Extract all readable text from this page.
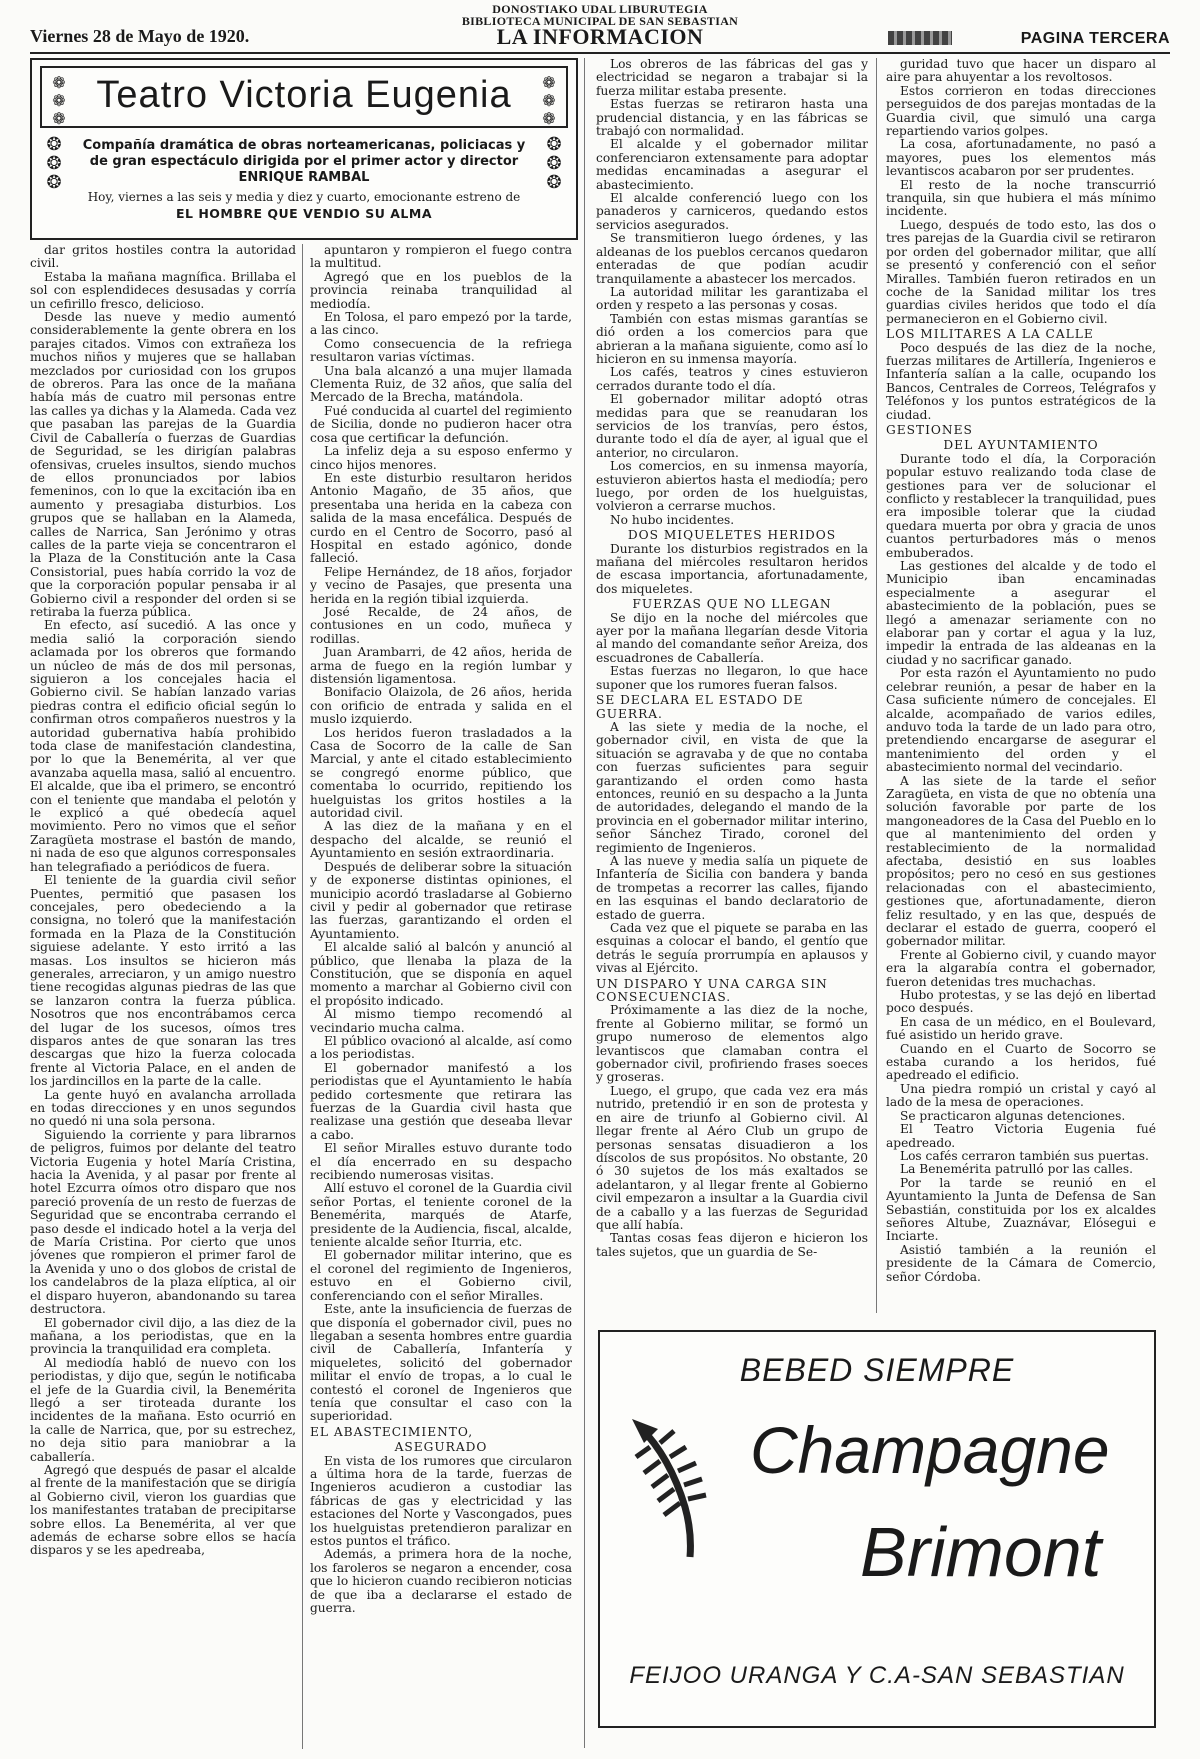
DONOSTIAKO UDAL LIBURUTEGIA
BIBLIOTECA MUNICIPAL DE SAN SEBASTIAN
Viernes 28 de Mayo de 1920.	LA INFORMACION	PAGINA TERCERA
❁
❁
❁
Teatro Victoria Eugenia	❁
❁
❁
❂
❂
❂
❂
❂
❂
Compañía dramática de obras norteamericanas, policiacas y de gran espectáculo dirigida por el primer actor y director
ENRIQUE RAMBAL
Hoy, viernes a las seis y media y diez y cuarto, emocionante estreno de
EL HOMBRE QUE VENDIO SU ALMA

dar gritos hostiles contra la autoridad civil.

Estaba la mañana magnífica. Brillaba el sol con esplendideces desusadas y corría un cefirillo fresco, delicioso.

Desde las nueve y medio aumentó considerablemente la gente obrera en los parajes citados. Vimos con extrañeza los muchos niños y mujeres que se hallaban mezclados por curiosidad con los grupos de obreros. Para las once de la mañana había más de cuatro mil personas entre las calles ya dichas y la Alameda. Cada vez que pasaban las parejas de la Guardia Civil de Caballería o fuerzas de Guardias de Seguridad, se les dirigían palabras ofensivas, crueles insultos, siendo muchos de ellos pronunciados por labios femeninos, con lo que la excitación iba en aumento y presagiaba disturbios. Los grupos que se hallaban en la Alameda, calles de Narrica, San Jerónimo y otras calles de la parte vieja se concentraron el la Plaza de la Constitución ante la Casa Consistorial, pues había corrido la voz de que la corporación popular pensaba ir al Gobierno civil a responder del orden si se retiraba la fuerza pública.

En efecto, así sucedió. A las once y media salió la corporación siendo aclamada por los obreros que formando un núcleo de más de dos mil personas, siguieron a los concejales hacia el Gobierno civil. Se habían lanzado varias piedras contra el edificio oficial según lo confirman otros compañeros nuestros y la autoridad gubernativa había prohibido toda clase de manifestación clandestina, por lo que la Benemérita, al ver que avanzaba aquella masa, salió al encuentro. El alcalde, que iba el primero, se encontró con el teniente que mandaba el pelotón y le explicó a qué obedecía aquel movimiento. Pero no vimos que el señor Zaragüeta mostrase el bastón de mando, ni nada de eso que algunos corresponsales han telegrafiado a periódicos de fuera.

El teniente de la guardia civil señor Puentes, permitió que pasasen los concejales, pero obedeciendo a la consigna, no toleró que la manifestación formada en la Plaza de la Constitución siguiese adelante. Y esto irritó a las masas. Los insultos se hicieron más generales, arreciaron, y un amigo nuestro tiene recogidas algunas piedras de las que se lanzaron contra la fuerza pública. Nosotros que nos encontrábamos cerca del lugar de los sucesos, oímos tres disparos antes de que sonaran las tres descargas que hizo la fuerza colocada frente al Victoria Palace, en el anden de los jardincillos en la parte de la calle.

La gente huyó en avalancha arrollada en todas direcciones y en unos segundos no quedó ni una sola persona.

Siguiendo la corriente y para librarnos de peligros, fuimos por delante del teatro Victoria Eugenia y hotel María Cristina, hacia la Avenida, y al pasar por frente al hotel Ezcurra oímos otro disparo que nos pareció provenía de un resto de fuerzas de Seguridad que se encontraba cerrando el paso desde el indicado hotel a la verja del de María Cristina. Por cierto que unos jóvenes que rompieron el primer farol de la Avenida y uno o dos globos de cristal de los candelabros de la plaza elíptica, al oir el disparo huyeron, abandonando su tarea destructora.

El gobernador civil dijo, a las diez de la mañana, a los periodistas, que en la provincia la tranquilidad era completa.

Al mediodía habló de nuevo con los periodistas, y dijo que, según le notificaba el jefe de la Guardia civil, la Benemérita llegó a ser tiroteada durante los incidentes de la mañana. Esto ocurrió en la calle de Narrica, que, por su estrechez, no deja sitio para maniobrar a la caballería.

Agregó que después de pasar el alcalde al frente de la manifestación que se dirigía al Gobierno civil, vieron los guardias que los manifestantes trataban de precipitarse sobre ellos. La Benemérita, al ver que además de echarse sobre ellos se hacía disparos y se les apedreaba,

apuntaron y rompieron el fuego contra la multitud.

Agregó que en los pueblos de la provincia reinaba tranquilidad al mediodía.

En Tolosa, el paro empezó por la tarde, a las cinco.

Como consecuencia de la refriega resultaron varias víctimas.

Una bala alcanzó a una mujer llamada Clementa Ruiz, de 32 años, que salía del Mercado de la Brecha, matándola.

Fué conducida al cuartel del regimiento de Sicilia, donde no pudieron hacer otra cosa que certificar la defunción.

La infeliz deja a su esposo enfermo y cinco hijos menores.

En este disturbio resultaron heridos Antonio Magaño, de 35 años, que presentaba una herida en la cabeza con salida de la masa encefálica. Después de curdo en el Centro de Socorro, pasó al Hospital en estado agónico, donde falleció.

Felipe Hernández, de 18 años, forjador y vecino de Pasajes, que presenta una herida en la región tibial izquierda.

José Recalde, de 24 años, de contusiones en un codo, muñeca y rodillas.

Juan Arambarri, de 42 años, herida de arma de fuego en la región lumbar y distensión ligamentosa.

Bonifacio Olaizola, de 26 años, herida con orificio de entrada y salida en el muslo izquierdo.

Los heridos fueron trasladados a la Casa de Socorro de la calle de San Marcial, y ante el citado establecimiento se congregó enorme público, que comentaba lo ocurrido, repitiendo los huelguistas los gritos hostiles a la autoridad civil.

A las diez de la mañana y en el despacho del alcalde, se reunió el Ayuntamiento en sesión extraordinaria.

Después de deliberar sobre la situación y de exponerse distintas opiniones, el municipio acordó trasladarse al Gobierno civil y pedir al gobernador que retirase las fuerzas, garantizando el orden el Ayuntamiento.

El alcalde salió al balcón y anunció al público, que llenaba la plaza de la Constitución, que se disponía en aquel momento a marchar al Gobierno civil con el propósito indicado.

Al mismo tiempo recomendó al vecindario mucha calma.

El público ovacionó al alcalde, así como a los periodistas.

El gobernador manifestó a los periodistas que el Ayuntamiento le había pedido cortesmente que retirara las fuerzas de la Guardia civil hasta que realizase una gestión que deseaba llevar a cabo.

El señor Miralles estuvo durante todo el día encerrado en su despacho recibiendo numerosas visitas.

Allí estuvo el coronel de la Guardia civil señor Portas, el teniente coronel de la Benemérita, marqués de Atarfe, presidente de la Audiencia, fiscal, alcalde, teniente alcalde señor Iturria, etc.

El gobernador militar interino, que es el coronel del regimiento de Ingenieros, estuvo en el Gobierno civil, conferenciando con el señor Miralles.

Este, ante la insuficiencia de fuerzas de que disponía el gobernador civil, pues no llegaban a sesenta hombres entre guardia civil de Caballería, Infantería y miqueletes, solicitó del gobernador militar el envío de tropas, a lo cual le contestó el coronel de Ingenieros que tenía que consultar el caso con la superioridad.

EL ABASTECIMIENTO,

ASEGURADO

En vista de los rumores que circularon a última hora de la tarde, fuerzas de Ingenieros acudieron a custodiar las fábricas de gas y electricidad y las estaciones del Norte y Vascongados, pues los huelguistas pretendieron paralizar en estos puntos el tráfico.

Además, a primera hora de la noche, los faroleros se negaron a encender, cosa que lo hicieron cuando recibieron noticias de que iba a declararse el estado de guerra.

Los obreros de las fábricas del gas y electricidad se negaron a trabajar si la fuerza militar estaba presente.

Estas fuerzas se retiraron hasta una prudencial distancia, y en las fábricas se trabajó con normalidad.

El alcalde y el gobernador militar conferenciaron extensamente para adoptar medidas encaminadas a asegurar el abastecimiento.

El alcalde conferenció luego con los panaderos y carniceros, quedando estos servicios asegurados.

Se transmitieron luego órdenes, y las aldeanas de los pueblos cercanos quedaron enteradas de que podían acudir tranquilamente a abastecer los mercados.

La autoridad militar les garantizaba el orden y respeto a las personas y cosas.

También con estas mismas garantías se dió orden a los comercios para que abrieran a la mañana siguiente, como así lo hicieron en su inmensa mayoría.

Los cafés, teatros y cines estuvieron cerrados durante todo el día.

El gobernador militar adoptó otras medidas para que se reanudaran los servicios de los tranvías, pero éstos, durante todo el día de ayer, al igual que el anterior, no circularon.

Los comercios, en su inmensa mayoría, estuvieron abiertos hasta el mediodía; pero luego, por orden de los huelguistas, volvieron a cerrarse muchos.

No hubo incidentes.

DOS MIQUELETES HERIDOS

Durante los disturbios registrados en la mañana del miércoles resultaron heridos de escasa importancia, afortunadamente, dos miqueletes.

FUERZAS QUE NO LLEGAN

Se dijo en la noche del miércoles que ayer por la mañana llegarían desde Vitoria al mando del comandante señor Areiza, dos escuadrones de Caballería.

Estas fuerzas no llegaron, lo que hace suponer que los rumores fueran falsos.

SE DECLARA EL ESTADO DE GUERRA.

A las siete y media de la noche, el gobernador civil, en vista de que la situación se agravaba y de que no contaba con fuerzas suficientes para seguir garantizando el orden como hasta entonces, reunió en su despacho a la Junta de autoridades, delegando el mando de la provincia en el gobernador militar interino, señor Sánchez Tirado, coronel del regimiento de Ingenieros.

A las nueve y media salía un piquete de Infantería de Sicilia con bandera y banda de trompetas a recorrer las calles, fijando en las esquinas el bando declaratorio de estado de guerra.

Cada vez que el piquete se paraba en las esquinas a colocar el bando, el gentío que detrás le seguía prorrumpía en aplausos y vivas al Ejército.

UN DISPARO Y UNA CARGA SIN CONSECUENCIAS.

Próximamente a las diez de la noche, frente al Gobierno militar, se formó un grupo numeroso de elementos algo levantiscos que clamaban contra el gobernador civil, profiriendo frases soeces y groseras.

Luego, el grupo, que cada vez era más nutrido, pretendió ir en son de protesta y en aire de triunfo al Gobierno civil. Al llegar frente al Aéro Club un grupo de personas sensatas disuadieron a los díscolos de sus propósitos. No obstante, 20 ó 30 sujetos de los más exaltados se adelantaron, y al llegar frente al Gobierno civil empezaron a insultar a la Guardia civil de a caballo y a las fuerzas de Seguridad que allí había.

Tantas cosas feas dijeron e hicieron los tales sujetos, que un guardia de Se-

guridad tuvo que hacer un disparo al aire para ahuyentar a los revoltosos.

Estos corrieron en todas direcciones perseguidos de dos parejas montadas de la Guardia civil, que simuló una carga repartiendo varios golpes.

La cosa, afortunadamente, no pasó a mayores, pues los elementos más levantiscos acabaron por ser prudentes.

El resto de la noche transcurrió tranquila, sin que hubiera el más mínimo incidente.

Luego, después de todo esto, las dos o tres parejas de la Guardia civil se retiraron por orden del gobernador militar, que allí se presentó y conferenció con el señor Miralles. También fueron retirados en un coche de la Sanidad militar los tres guardias civiles heridos que todo el día permanecieron en el Gobierno civil.

LOS MILITARES A LA CALLE

Poco después de las diez de la noche, fuerzas militares de Artillería, Ingenieros e Infantería salían a la calle, ocupando los Bancos, Centrales de Correos, Telégrafos y Teléfonos y los puntos estratégicos de la ciudad.

GESTIONES

DEL AYUNTAMIENTO

Durante todo el día, la Corporación popular estuvo realizando toda clase de gestiones para ver de solucionar el conflicto y restablecer la tranquilidad, pues era imposible tolerar que la ciudad quedara muerta por obra y gracia de unos cuantos perturbadores más o menos embuberados.

Las gestiones del alcalde y de todo el Municipio iban encaminadas especialmente a asegurar el abastecimiento de la población, pues se llegó a amenazar seriamente con no elaborar pan y cortar el agua y la luz, impedir la entrada de las aldeanas en la ciudad y no sacrificar ganado.

Por esta razón el Ayuntamiento no pudo celebrar reunión, a pesar de haber en la Casa suficiente número de concejales. El alcalde, acompañado de varios ediles, anduvo toda la tarde de un lado para otro, pretendiendo encargarse de asegurar el mantenimiento del orden y el abastecimiento normal del vecindario.

A las siete de la tarde el señor Zaragüeta, en vista de que no obtenía una solución favorable por parte de los mangoneadores de la Casa del Pueblo en lo que al mantenimiento del orden y restablecimiento de la normalidad afectaba, desistió en sus loables propósitos; pero no cesó en sus gestiones relacionadas con el abastecimiento, gestiones que, afortunadamente, dieron feliz resultado, y en las que, después de declarar el estado de guerra, cooperó el gobernador militar.

Frente al Gobierno civil, y cuando mayor era la algarabía contra el gobernador, fueron detenidas tres muchachas.

Hubo protestas, y se las dejó en libertad poco después.

En casa de un médico, en el Boulevard, fué asistido un herido grave.

Cuando en el Cuarto de Socorro se estaba curando a los heridos, fué apedreado el edificio.

Una piedra rompió un cristal y cayó al lado de la mesa de operaciones.

Se practicaron algunas detenciones.

El Teatro Victoria Eugenia fué apedreado.

Los cafés cerraron también sus puertas.

La Benemérita patrulló por las calles.

Por la tarde se reunió en el Ayuntamiento la Junta de Defensa de San Sebastián, constituida por los ex alcaldes señores Altube, Zuaznávar, Elósegui e Inciarte.

Asistió también a la reunión el presidente de la Cámara de Comercio, señor Córdoba.

BEBED SIEMPRE
Champagne
Brimont
FEIJOO URANGA Y C.A-SAN SEBASTIAN
